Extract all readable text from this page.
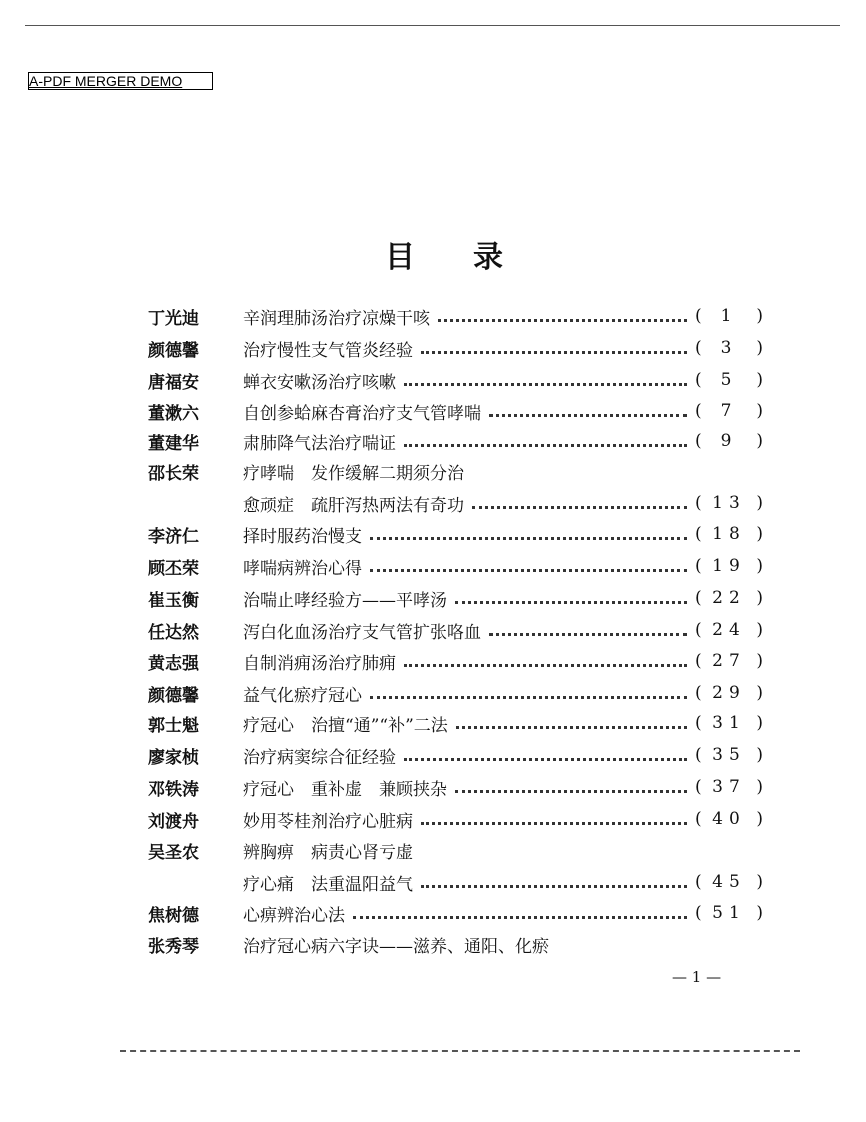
A-PDF MERGER DEMO
目录
丁光迪	辛润理肺汤治疗凉燥干咳	( 1 )
颜德馨	治疗慢性支气管炎经验	( 3 )
唐福安	蝉衣安嗽汤治疗咳嗽	( 5 )
董漱六	自创参蛤麻杏膏治疗支气管哮喘	( 7 )
董建华	肃肺降气法治疗喘证	( 9 )
邵长荣	疗哮喘　发作缓解二期须分治
愈顽症　疏肝泻热两法有奇功	( 13 )
李济仁	择时服药治慢支	( 18 )
顾丕荣	哮喘病辨治心得	( 19 )
崔玉衡	治喘止哮经验方——平哮汤	( 22 )
任达然	泻白化血汤治疗支气管扩张咯血	( 24 )
黄志强	自制消痈汤治疗肺痈	( 27 )
颜德馨	益气化瘀疗冠心	( 29 )
郭士魁	疗冠心　治擅“通”“补”二法	( 31 )
廖家桢	治疗病窦综合征经验	( 35 )
邓铁涛	疗冠心　重补虚　兼顾挟杂	( 37 )
刘渡舟	妙用苓桂剂治疗心脏病	( 40 )
吴圣农	辨胸痹　病责心肾亏虚
疗心痛　法重温阳益气	( 45 )
焦树德	心痹辨治心法	( 51 )
张秀琴	治疗冠心病六字诀——滋养、通阳、化瘀
— 1 —
